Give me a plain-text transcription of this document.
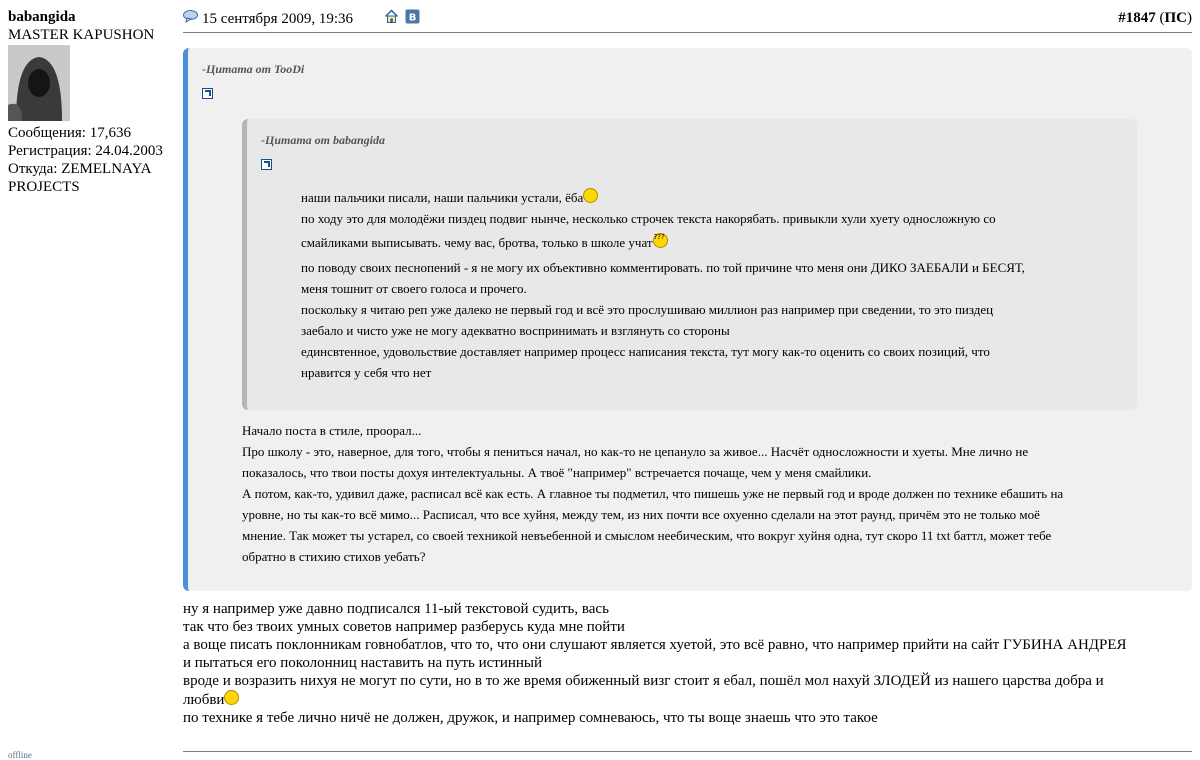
babangida
MASTER KAPUSHON
Сообщения: 17,636
Регистрация: 24.04.2003
Откуда: ZEMELNAYA
PROJECTS
offline
15 сентября 2009, 19:36	В	#1847 (ПС)
-Цитата от TooDi
-Цитата от babangida
наши пальчики писали, наши пальчики устали, ёба
по ходу это для молодёжи пиздец подвиг нынче, несколько строчек текста накорябать. привыкли хули хуету односложную со
смайликами выписывать. чему вас, бротва, только в школе учат???
по поводу своих песнопений - я не могу их объективно комментировать. по той причине что меня они ДИКО ЗАЕБАЛИ и БЕСЯТ,
меня тошнит от своего голоса и прочего.
поскольку я читаю реп уже далеко не первый год и всё это прослушиваю миллион раз например при сведении, то это пиздец
заебало и чисто уже не могу адекватно воспринимать и взглянуть со стороны
единсвтенное, удовольствие доставляет например процесс написания текста, тут могу как-то оценить со своих позиций, что
нравится у себя что нет
Начало поста в стиле, проорал...
Про школу - это, наверное, для того, чтобы я пениться начал, но как-то не цепануло за живое... Насчёт односложности и хуеты. Мне лично не
показалось, что твои посты дохуя интелектуальны. А твоё "например" встречается почаще, чем у меня смайлики.
А потом, как-то, удивил даже, расписал всё как есть. А главное ты подметил, что пишешь уже не первый год и вроде должен по технике ебашить на
уровне, но ты как-то всё мимо... Расписал, что все хуйня, между тем, из них почти все охуенно сделали на этот раунд, причём это не только моё
мнение. Так может ты устарел, со своей техникой невъебенной и смыслом неебическим, что вокруг хуйня одна, тут скоро 11 txt баттл, может тебе
обратно в стихию стихов уебать?
ну я например уже давно подписался 11-ый текстовой судить, вась
так что без твоих умных советов например разберусь куда мне пойти
а воще писать поклонникам говнобатлов, что то, что они слушают является хуетой, это всё равно, что например прийти на сайт ГУБИНА АНДРЕЯ
и пытаться его поколонниц наставить на путь истинный
вроде и возразить нихуя не могут по сути, но в то же время обиженный визг стоит я ебал, пошёл мол нахуй ЗЛОДЕЙ из нашего царства добра и
любви
по технике я тебе лично ничё не должен, дружок, и например сомневаюсь, что ты воще знаешь что это такое
